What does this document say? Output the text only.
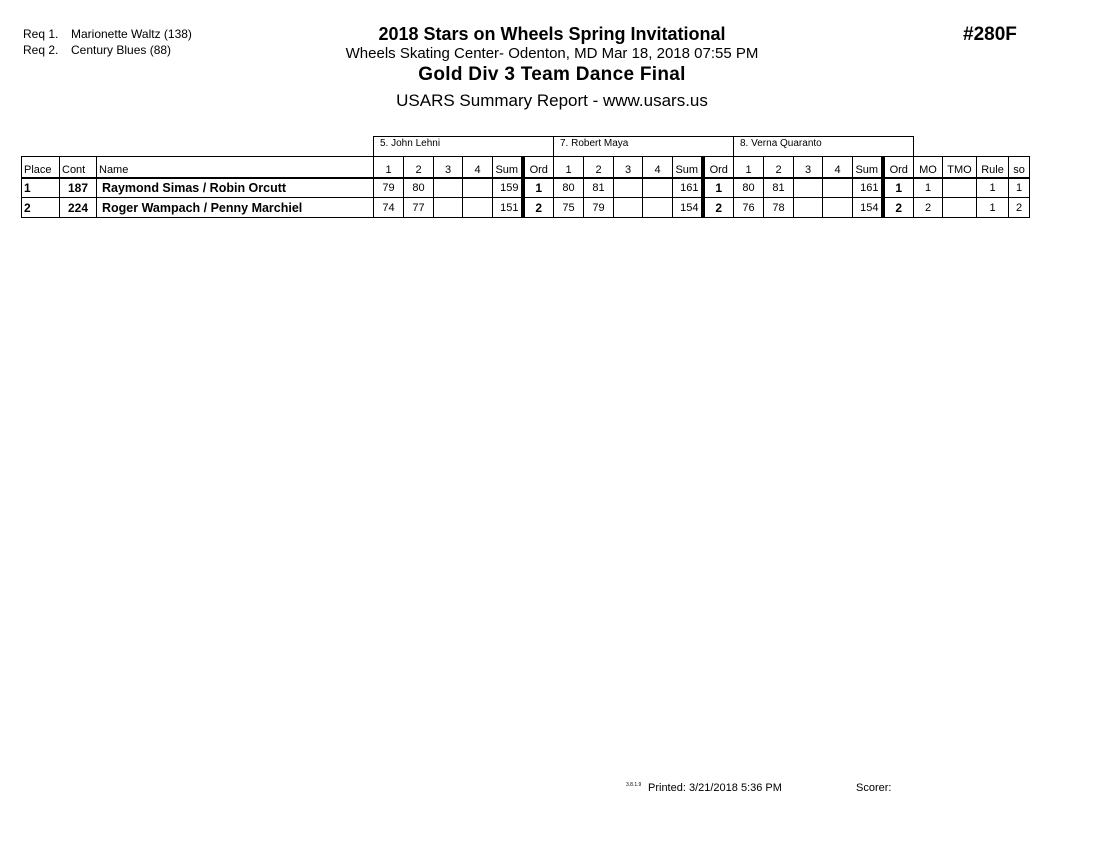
Req 1. Marionette Waltz (138)
Req 2. Century Blues (88)
2018 Stars on Wheels Spring Invitational
Wheels Skating Center- Odenton, MD Mar 18, 2018 07:55 PM
Gold Div 3 Team Dance Final
USARS Summary Report - www.usars.us
#280F
			5. John Lehni						7. Robert Maya						8. Verna Quaranto									
Place	Cont	Name	1	2	3	4	Sum	Ord	1	2	3	4	Sum	Ord	1	2	3	4	Sum	Ord	MO	TMO	Rule	so
1	187	Raymond Simas / Robin Orcutt	79	80			159	1	80	81			161	1	80	81			161	1	1		1	1
2	224	Roger Wampach / Penny Marchiel	74	77			151	2	75	79			154	2	76	78			154	2	2		1	2
3.8.1.9 Printed: 3/21/2018 5:36 PM	Scorer:
